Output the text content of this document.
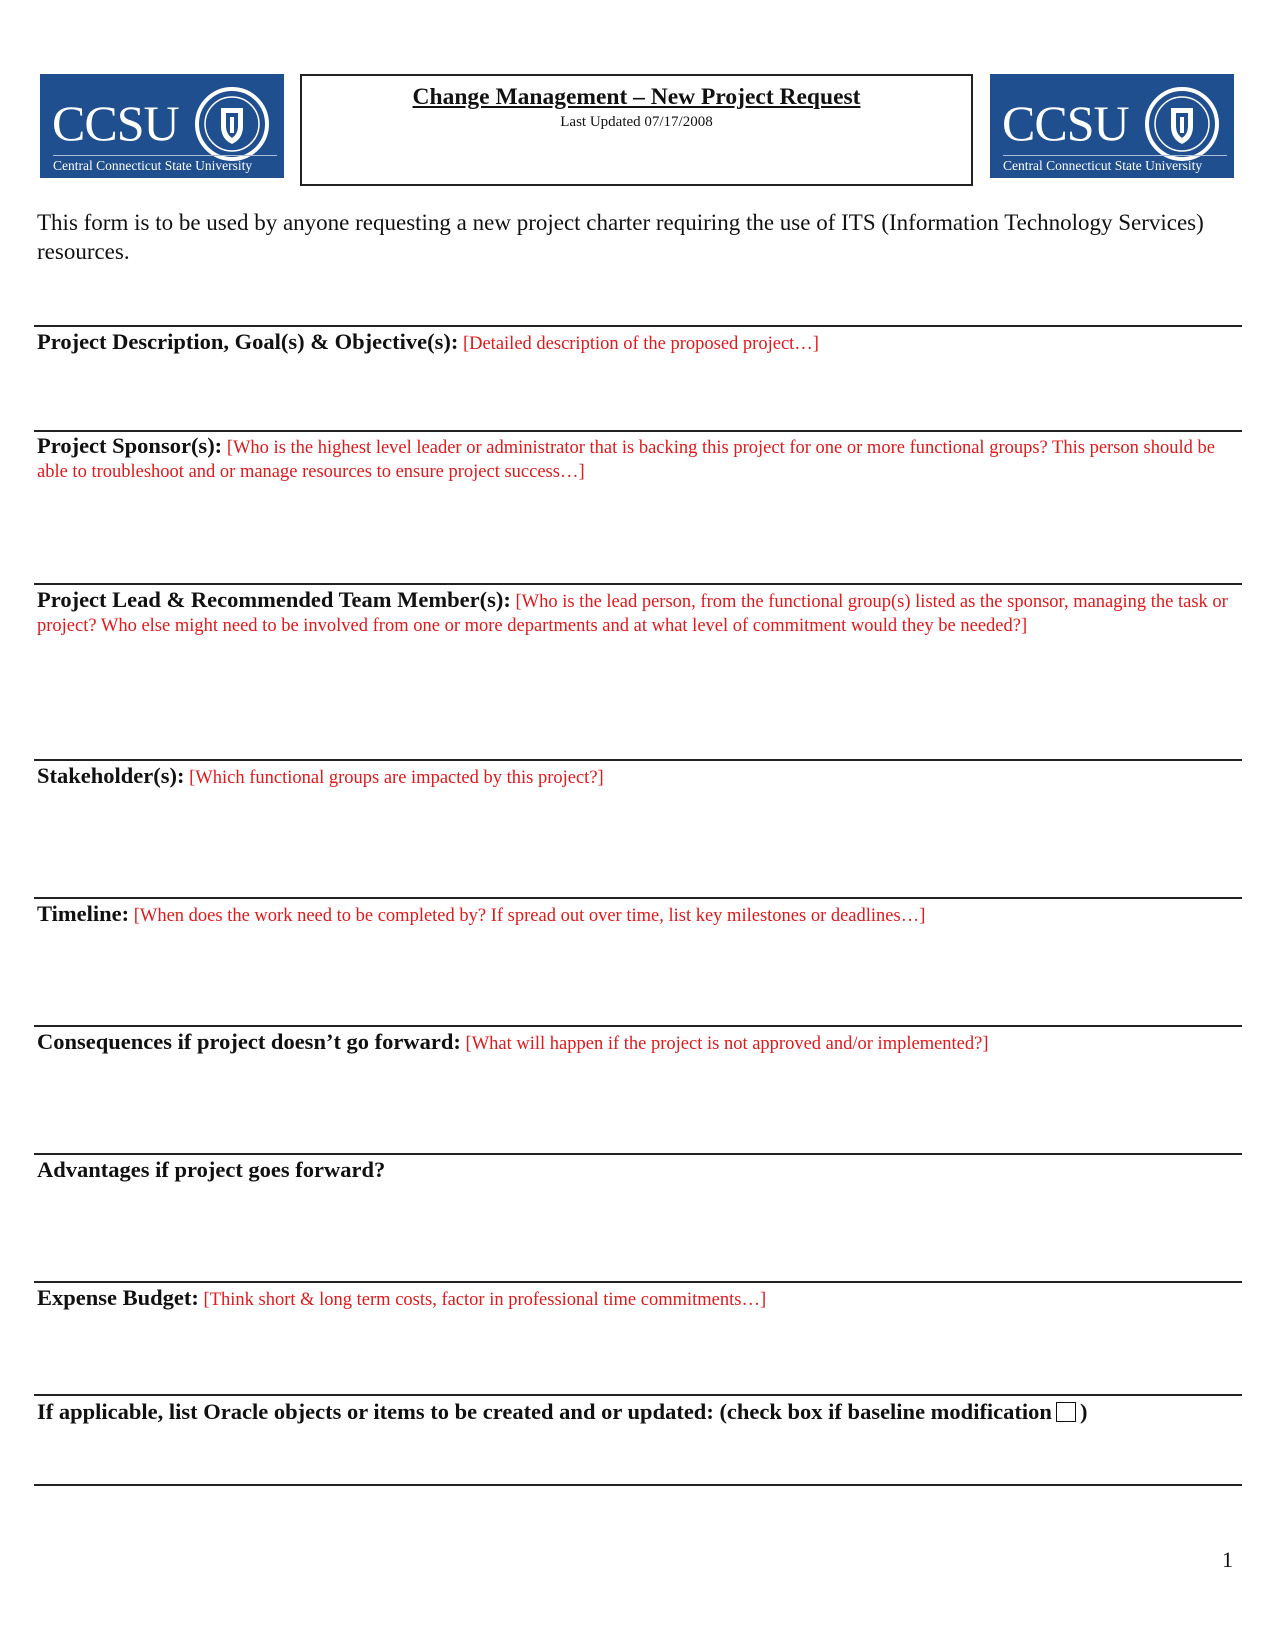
CCSU
Central Connecticut State University
Change Management – New Project Request
Last Updated 07/17/2008	CCSU
Central Connecticut State University
This form is to be used by anyone requesting a new project charter requiring the use of ITS (Information Technology Services) resources.
Project Description, Goal(s) & Objective(s): [Detailed description of the proposed project…]
Project Sponsor(s): [Who is the highest level leader or administrator that is backing this project for one or more functional groups? This person should be able to troubleshoot and or manage resources to ensure project success…]
Project Lead & Recommended Team Member(s): [Who is the lead person, from the functional group(s) listed as the sponsor, managing the task or project? Who else might need to be involved from one or more departments and at what level of commitment would they be needed?]
Stakeholder(s): [Which functional groups are impacted by this project?]
Timeline: [When does the work need to be completed by? If spread out over time, list key milestones or deadlines…]
Consequences if project doesn’t go forward: [What will happen if the project is not approved and/or implemented?]
Advantages if project goes forward?
Expense Budget: [Think short & long term costs, factor in professional time commitments…]
If applicable, list Oracle objects or items to be created and or updated: (check box if baseline modification )
1
